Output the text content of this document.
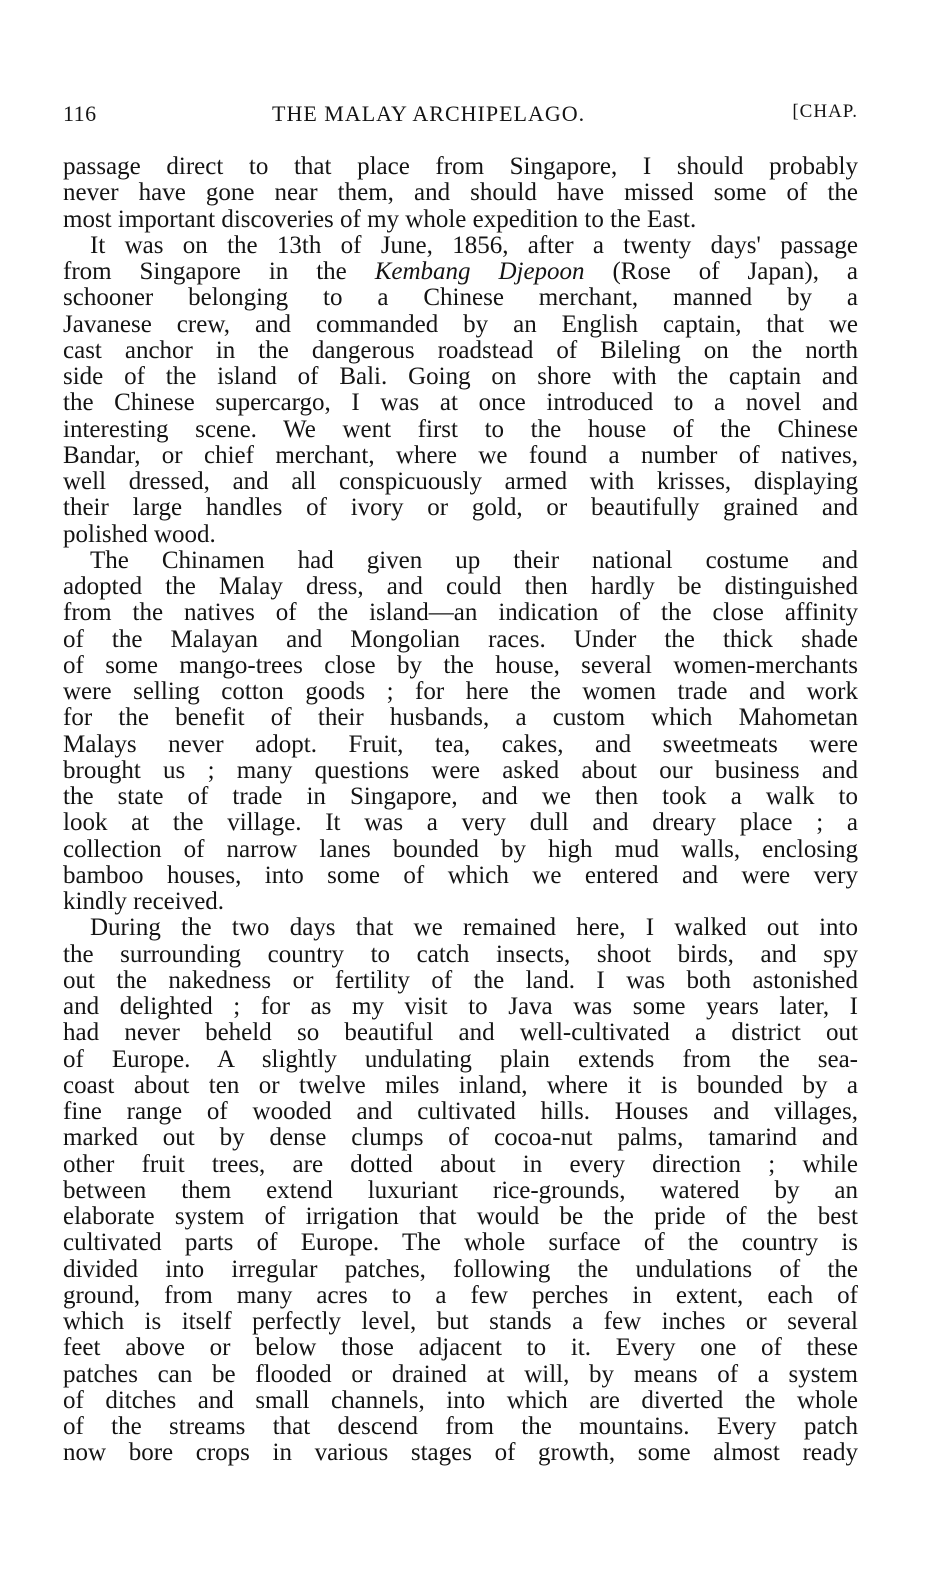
116	THE MALAY ARCHIPELAGO.	[CHAP.
passage direct to that place from Singapore, I should probably
never have gone near them, and should have missed some of the
most important discoveries of my whole expedition to the East.
It was on the 13th of June, 1856, after a twenty days' passage
from Singapore in the Kembang Djepoon (Rose of Japan), a
schooner belonging to a Chinese merchant, manned by a
Javanese crew, and commanded by an English captain, that we
cast anchor in the dangerous roadstead of Bileling on the north
side of the island of Bali. Going on shore with the captain and
the Chinese supercargo, I was at once introduced to a novel and
interesting scene. We went first to the house of the Chinese
Bandar, or chief merchant, where we found a number of natives,
well dressed, and all conspicuously armed with krisses, displaying
their large handles of ivory or gold, or beautifully grained and
polished wood.
The Chinamen had given up their national costume and
adopted the Malay dress, and could then hardly be distinguished
from the natives of the island—an indication of the close affinity
of the Malayan and Mongolian races. Under the thick shade
of some mango-trees close by the house, several women-merchants
were selling cotton goods ; for here the women trade and work
for the benefit of their husbands, a custom which Mahometan
Malays never adopt. Fruit, tea, cakes, and sweetmeats were
brought us ; many questions were asked about our business and
the state of trade in Singapore, and we then took a walk to
look at the village. It was a very dull and dreary place ; a
collection of narrow lanes bounded by high mud walls, enclosing
bamboo houses, into some of which we entered and were very
kindly received.
During the two days that we remained here, I walked out into
the surrounding country to catch insects, shoot birds, and spy
out the nakedness or fertility of the land. I was both astonished
and delighted ; for as my visit to Java was some years later, I
had never beheld so beautiful and well-cultivated a district out
of Europe. A slightly undulating plain extends from the sea-
coast about ten or twelve miles inland, where it is bounded by a
fine range of wooded and cultivated hills. Houses and villages,
marked out by dense clumps of cocoa-nut palms, tamarind and
other fruit trees, are dotted about in every direction ; while
between them extend luxuriant rice-grounds, watered by an
elaborate system of irrigation that would be the pride of the best
cultivated parts of Europe. The whole surface of the country is
divided into irregular patches, following the undulations of the
ground, from many acres to a few perches in extent, each of
which is itself perfectly level, but stands a few inches or several
feet above or below those adjacent to it. Every one of these
patches can be flooded or drained at will, by means of a system
of ditches and small channels, into which are diverted the whole
of the streams that descend from the mountains. Every patch
now bore crops in various stages of growth, some almost ready
